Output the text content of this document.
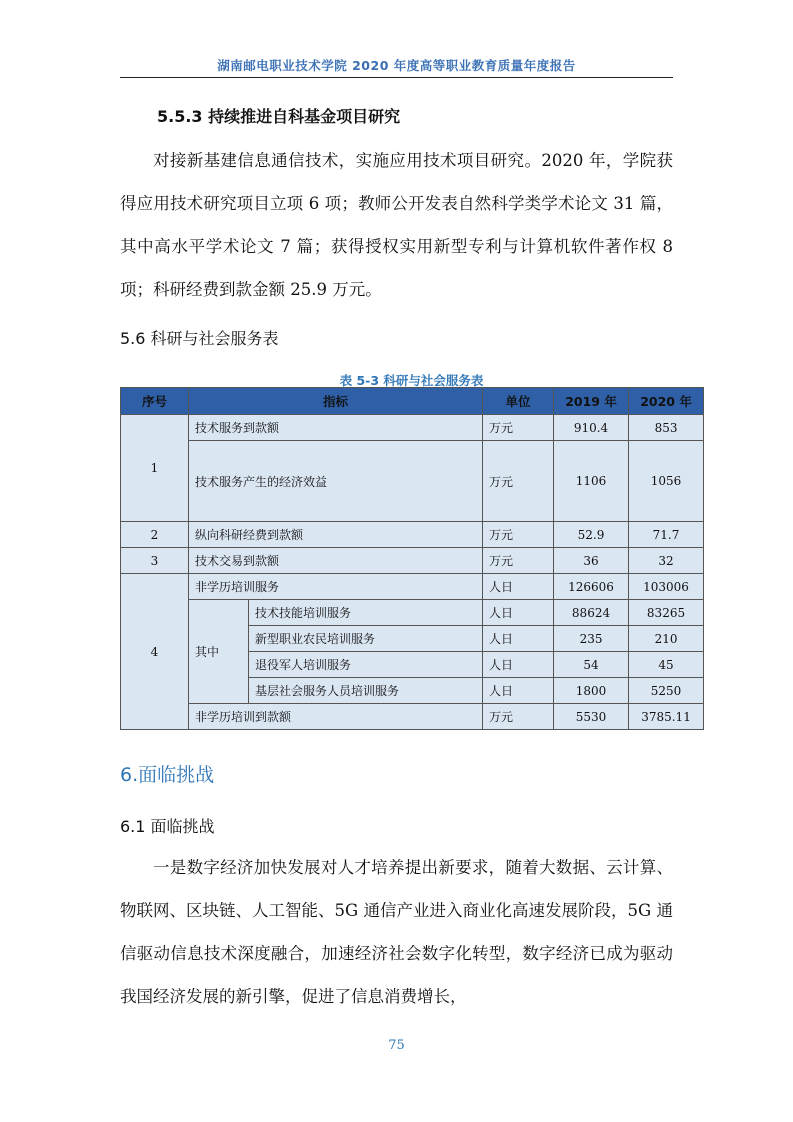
湖南邮电职业技术学院 2020 年度高等职业教育质量年度报告
5.5.3 持续推进自科基金项目研究
对接新基建信息通信技术，实施应用技术项目研究。2020 年，学院获得应用技术研究项目立项 6 项；教师公开发表自然科学类学术论文 31 篇，其中高水平学术论文 7 篇；获得授权实用新型专利与计算机软件著作权 8 项；科研经费到款金额 25.9 万元。
5.6 科研与社会服务表
表 5-3 科研与社会服务表
序号	指标		单位	2019 年	2020 年
1	技术服务到款额		万元	910.4	853
	技术服务产生的经济效益		万元	1106	1056
2	纵向科研经费到款额		万元	52.9	71.7
3	技术交易到款额		万元	36	32
4	非学历培训服务		人日	126606	103006
	其中	技术技能培训服务	人日	88624	83265
		新型职业农民培训服务	人日	235	210
		退役军人培训服务	人日	54	45
		基层社会服务人员培训服务	人日	1800	5250
	非学历培训到款额		万元	5530	3785.11
6.面临挑战
6.1 面临挑战
一是数字经济加快发展对人才培养提出新要求，随着大数据、云计算、物联网、区块链、人工智能、5G 通信产业进入商业化高速发展阶段，5G 通信驱动信息技术深度融合，加速经济社会数字化转型，数字经济已成为驱动我国经济发展的新引擎，促进了信息消费增长，
75
